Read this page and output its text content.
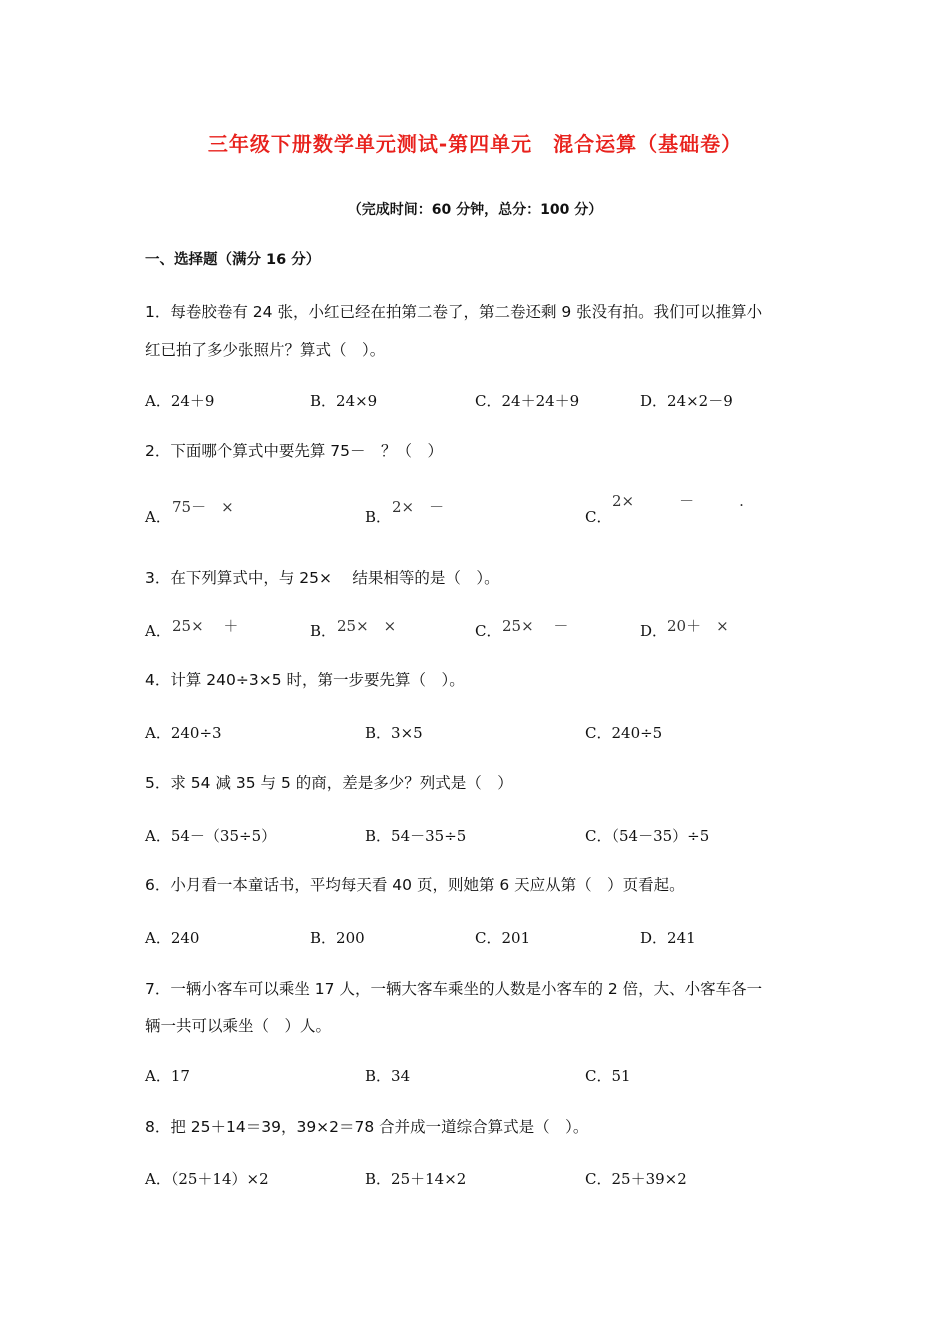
三年级下册数学单元测试-第四单元　混合运算（基础卷）
（完成时间：60 分钟，总分：100 分）
一、选择题（满分 16 分）
1．每卷胶卷有 24 张，小红已经在拍第二卷了，第二卷还剩 9 张没有拍。我们可以推算小
红已拍了多少张照片？算式（　）。
A．24＋9	B．24×9	C．24＋24＋9	D．24×2－9
2．下面哪个算式中要先算 75－　？（　）
A．
75－　×
B．
2×　－
C．
2×　　　－　　　.
3．在下列算式中，与 25×　 结果相等的是（　）。
A． 25×　 ＋	B． 25×　×	C． 25×　 －	D． 20＋　×
4．计算 240÷3×5 时，第一步要先算（　）。
A．240÷3	B．3×5	C．240÷5
5．求 54 减 35 与 5 的商，差是多少？列式是（　）
A．54－（35÷5）	B．54－35÷5	C．（54－35）÷5
6．小月看一本童话书，平均每天看 40 页，则她第 6 天应从第（　）页看起。
A．240	B．200	C．201	D．241
7．一辆小客车可以乘坐 17 人，一辆大客车乘坐的人数是小客车的 2 倍，大、小客车各一
辆一共可以乘坐（　）人。
A．17	B．34	C．51
8．把 25＋14＝39，39×2＝78 合并成一道综合算式是（　）。
A．（25＋14）×2	B．25＋14×2	C．25＋39×2
